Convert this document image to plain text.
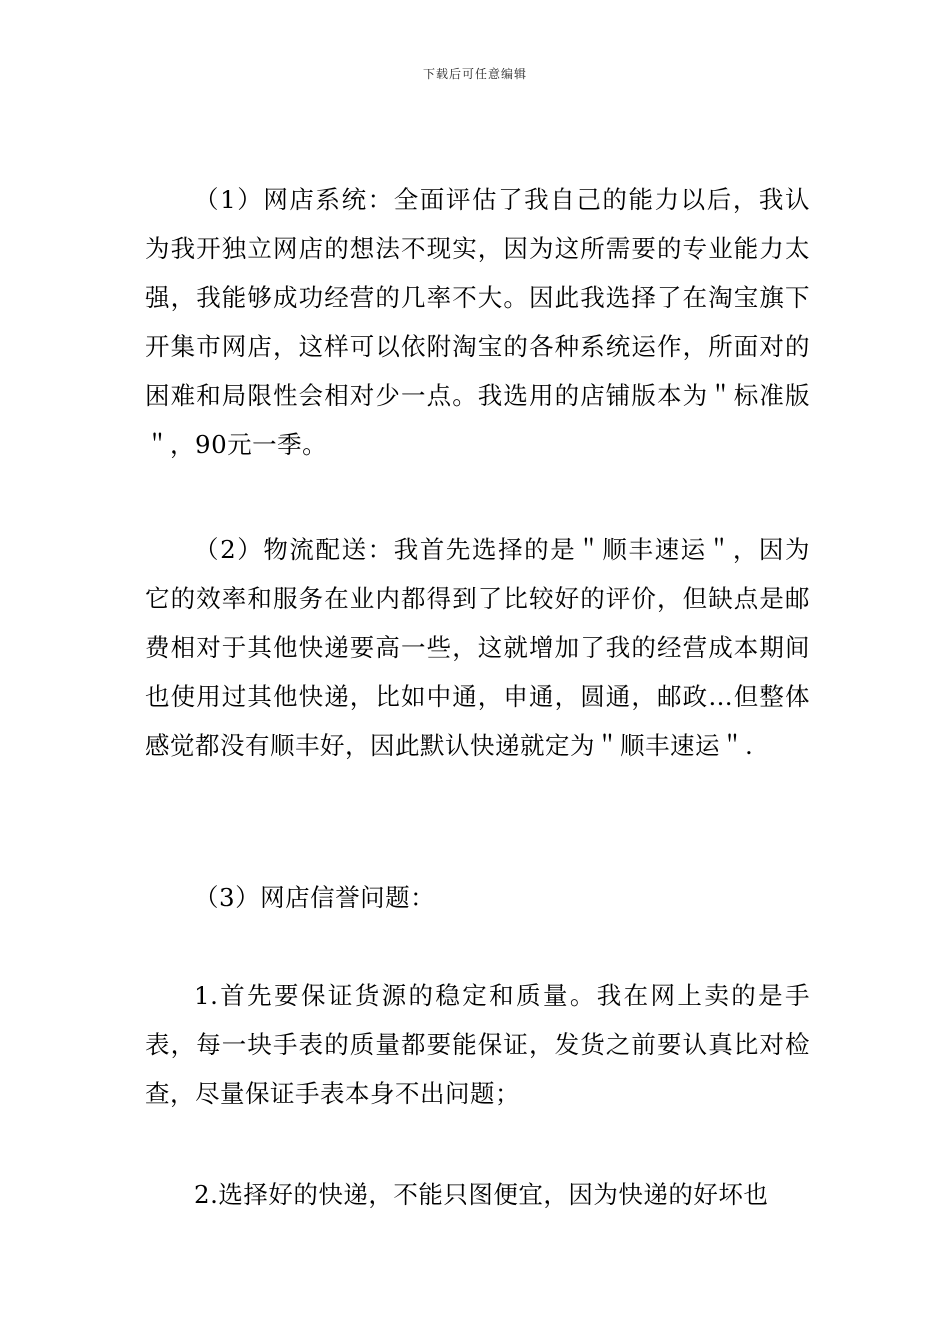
下载后可任意编辑

（1）网店系统：全面评估了我自己的能力以后，我认为我开独立网店的想法不现实，因为这所需要的专业能力太强，我能够成功经营的几率不大。因此我选择了在淘宝旗下开集市网店，这样可以依附淘宝的各种系统运作，所面对的困难和局限性会相对少一点。我选用的店铺版本为＂标准版＂，90元一季。

（2）物流配送：我首先选择的是＂顺丰速运＂，因为它的效率和服务在业内都得到了比较好的评价，但缺点是邮费相对于其他快递要高一些，这就增加了我的经营成本期间也使用过其他快递，比如中通，申通，圆通，邮政…但整体感觉都没有顺丰好，因此默认快递就定为＂顺丰速运＂.

（3）网店信誉问题：

1.首先要保证货源的稳定和质量。我在网上卖的是手表，每一块手表的质量都要能保证，发货之前要认真比对检查，尽量保证手表本身不出问题；

2.选择好的快递，不能只图便宜，因为快递的好坏也
